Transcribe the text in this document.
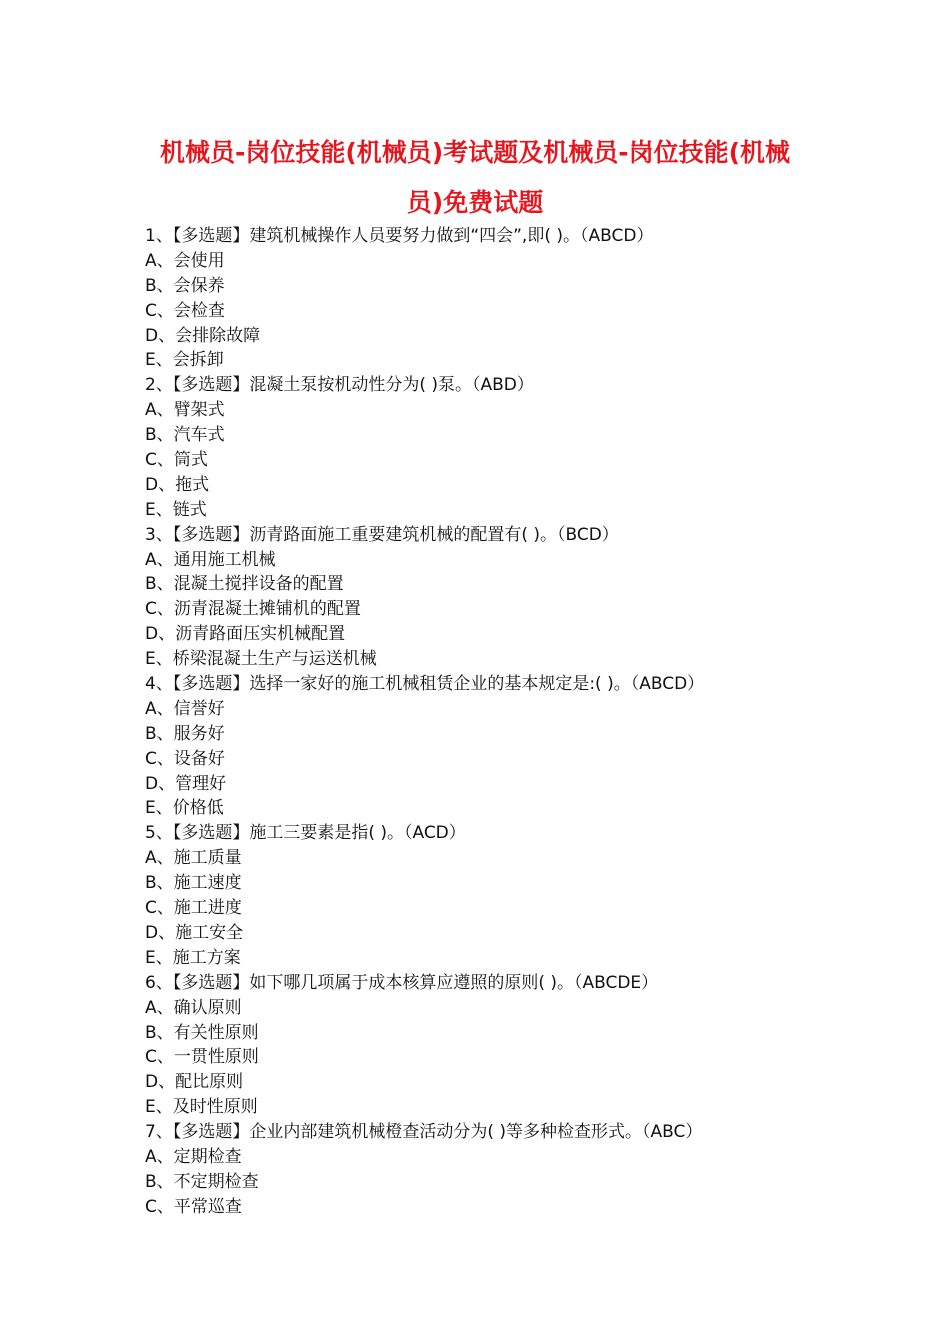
机械员-岗位技能(机械员)考试题及机械员-岗位技能(机械
员)免费试题
1、【多选题】建筑机械操作人员要努力做到“四会”,即( )。（ABCD）
A、会使用
B、会保养
C、会检查
D、会排除故障
E、会拆卸
2、【多选题】混凝土泵按机动性分为( )泵。（ABD）
A、臂架式
B、汽车式
C、筒式
D、拖式
E、链式
3、【多选题】沥青路面施工重要建筑机械的配置有( )。（BCD）
A、通用施工机械
B、混凝土搅拌设备的配置
C、沥青混凝土摊铺机的配置
D、沥青路面压实机械配置
E、桥梁混凝土生产与运送机械
4、【多选题】选择一家好的施工机械租赁企业的基本规定是:( )。（ABCD）
A、信誉好
B、服务好
C、设备好
D、管理好
E、价格低
5、【多选题】施工三要素是指( )。（ACD）
A、施工质量
B、施工速度
C、施工进度
D、施工安全
E、施工方案
6、【多选题】如下哪几项属于成本核算应遵照的原则( )。（ABCDE）
A、确认原则
B、有关性原则
C、一贯性原则
D、配比原则
E、及时性原则
7、【多选题】企业内部建筑机械橙查活动分为( )等多种检查形式。（ABC）
A、定期检查
B、不定期检查
C、平常巡查
